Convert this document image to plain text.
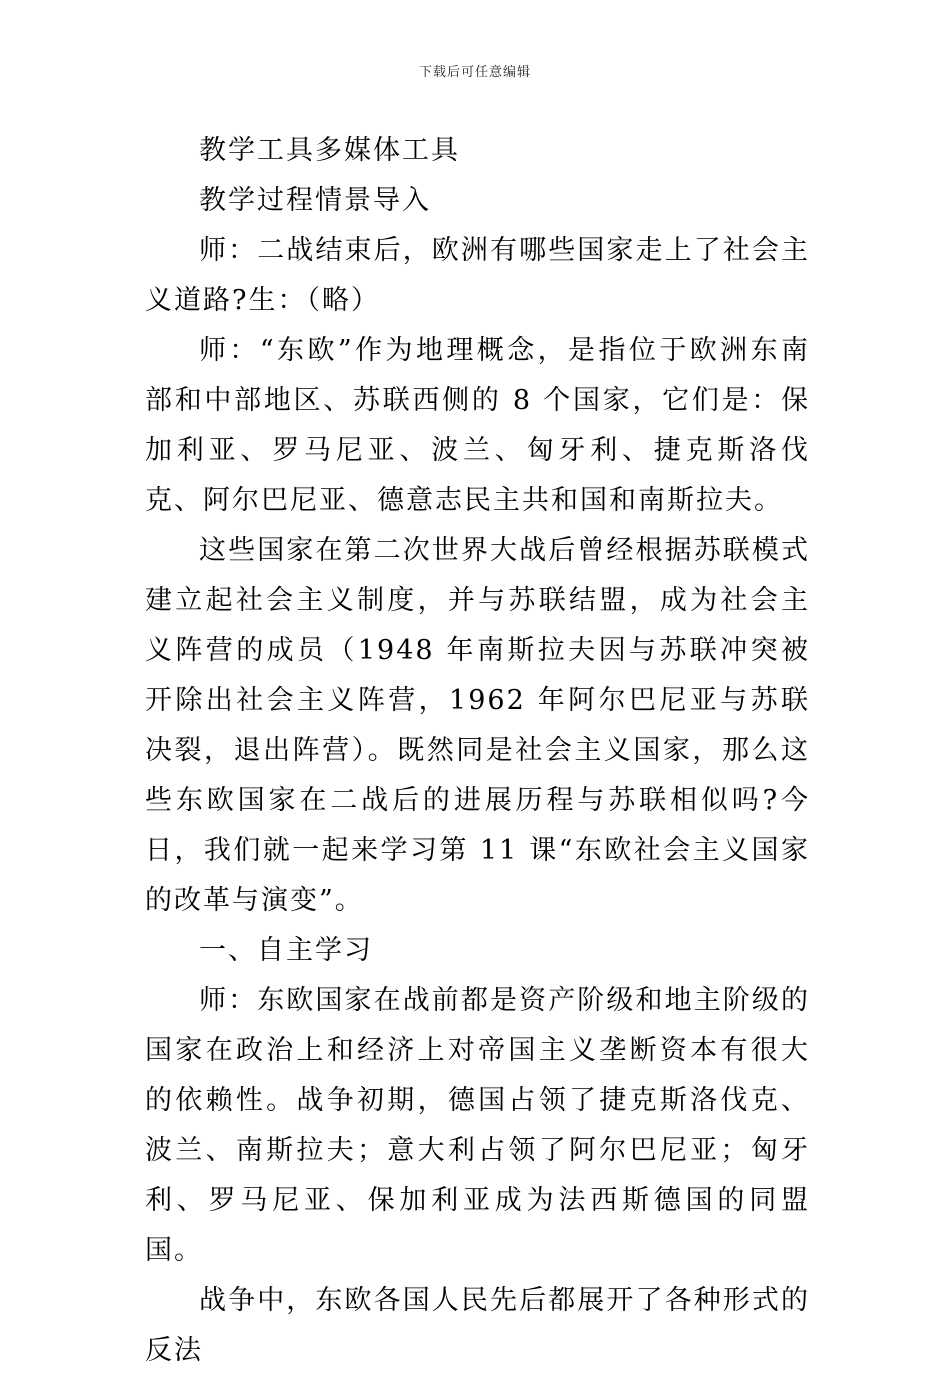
下载后可任意编辑

教学工具多媒体工具

教学过程情景导入

师：二战结束后，欧洲有哪些国家走上了社会主义道路?生：（略）

师：“东欧”作为地理概念，是指位于欧洲东南部和中部地区、苏联西侧的 8 个国家，它们是：保加利亚、罗马尼亚、波兰、匈牙利、捷克斯洛伐克、阿尔巴尼亚、德意志民主共和国和南斯拉夫。

这些国家在第二次世界大战后曾经根据苏联模式建立起社会主义制度，并与苏联结盟，成为社会主义阵营的成员（1948 年南斯拉夫因与苏联冲突被开除出社会主义阵营，1962 年阿尔巴尼亚与苏联决裂，退出阵营）。既然同是社会主义国家，那么这些东欧国家在二战后的进展历程与苏联相似吗?今日，我们就一起来学习第 11 课“东欧社会主义国家的改革与演变”。

一、自主学习

师：东欧国家在战前都是资产阶级和地主阶级的国家在政治上和经济上对帝国主义垄断资本有很大的依赖性。战争初期，德国占领了捷克斯洛伐克、波兰、南斯拉夫；意大利占领了阿尔巴尼亚；匈牙利、罗马尼亚、保加利亚成为法西斯德国的同盟国。

战争中，东欧各国人民先后都展开了各种形式的反法
